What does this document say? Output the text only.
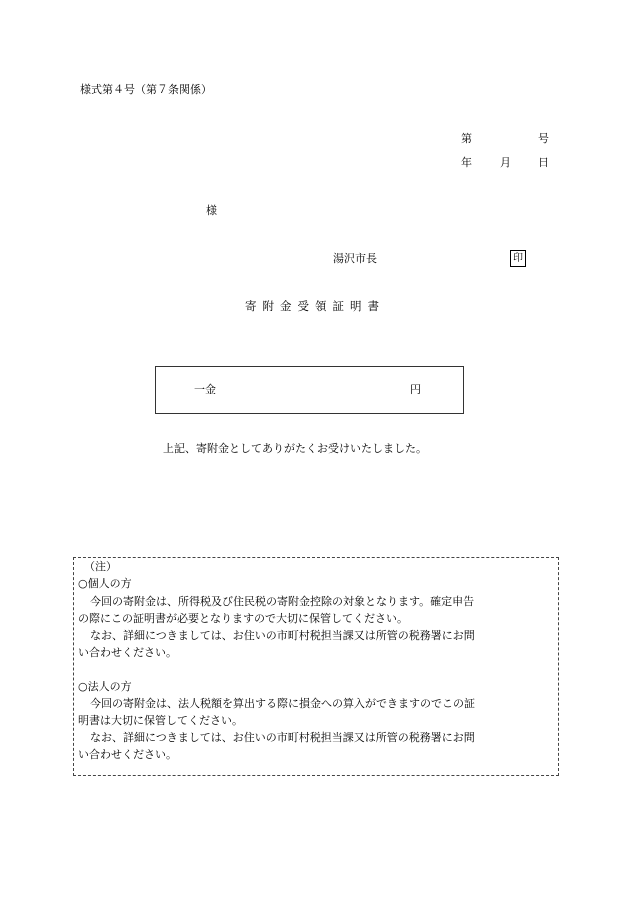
様式第４号（第７条関係）
第	号
年	月 日
様
湯沢市長	印
寄附金受領証明書
一金	円
上記、寄附金としてありがたくお受けいたしました。
（注）
○個人の方
今回の寄附金は、所得税及び住民税の寄附金控除の対象となります。確定申告
の際にこの証明書が必要となりますので大切に保管してください。
なお、詳細につきましては、お住いの市町村税担当課又は所管の税務署にお問
い合わせください。
○法人の方
今回の寄附金は、法人税額を算出する際に損金への算入ができますのでこの証
明書は大切に保管してください。
なお、詳細につきましては、お住いの市町村税担当課又は所管の税務署にお問
い合わせください。
